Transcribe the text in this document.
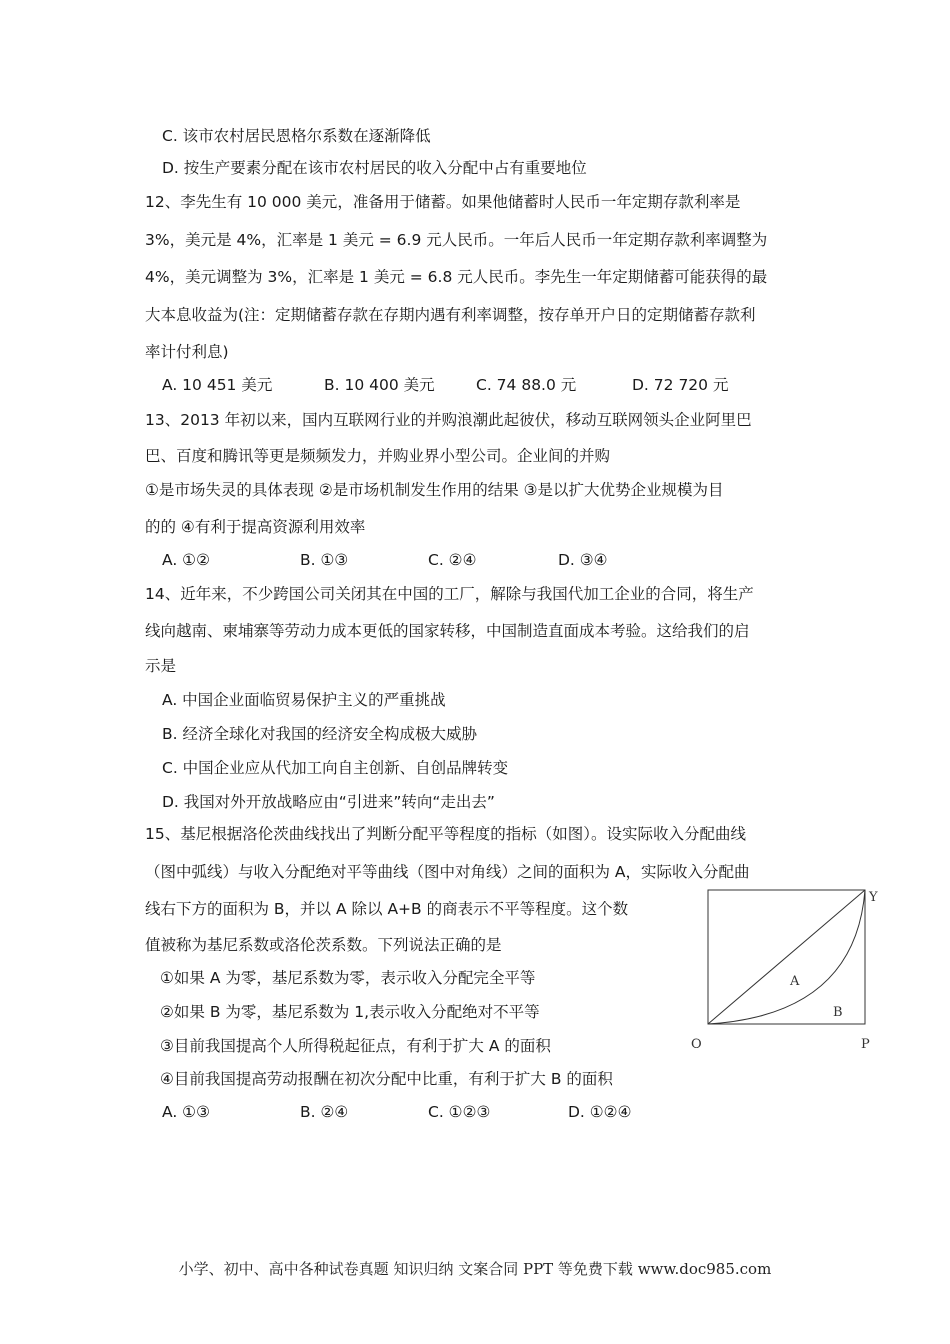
C. 该市农村居民恩格尔系数在逐渐降低
D. 按生产要素分配在该市农村居民的收入分配中占有重要地位
12、李先生有 10 000 美元，准备用于储蓄。如果他储蓄时人民币一年定期存款利率是
3%，美元是 4%，汇率是 1 美元 = 6.9 元人民币。一年后人民币一年定期存款利率调整为
4%，美元调整为 3%，汇率是 1 美元 = 6.8 元人民币。李先生一年定期储蓄可能获得的最
大本息收益为(注：定期储蓄存款在存期内遇有利率调整，按存单开户日的定期储蓄存款利
率计付利息)
A. 10 451 美元	B. 10 400 美元	C. 74 88.0 元	D. 72 720 元
13、2013 年初以来，国内互联网行业的并购浪潮此起彼伏，移动互联网领头企业阿里巴
巴、百度和腾讯等更是频频发力，并购业界小型公司。企业间的并购
①是市场失灵的具体表现 ②是市场机制发生作用的结果 ③是以扩大优势企业规模为目
的的 ④有利于提高资源利用效率
A. ①②	B. ①③	C. ②④	D. ③④
14、近年来，不少跨国公司关闭其在中国的工厂，解除与我国代加工企业的合同，将生产
线向越南、柬埔寨等劳动力成本更低的国家转移，中国制造直面成本考验。这给我们的启
示是
A. 中国企业面临贸易保护主义的严重挑战
B. 经济全球化对我国的经济安全构成极大威胁
C. 中国企业应从代加工向自主创新、自创品牌转变
D. 我国对外开放战略应由“引进来”转向“走出去”
15、基尼根据洛伦茨曲线找出了判断分配平等程度的指标（如图）。设实际收入分配曲线
（图中弧线）与收入分配绝对平等曲线（图中对角线）之间的面积为 A，实际收入分配曲
线右下方的面积为 B，并以 A 除以 A+B 的商表示不平等程度。这个数
值被称为基尼系数或洛伦茨系数。下列说法正确的是
①如果 A 为零，基尼系数为零，表示收入分配完全平等
②如果 B 为零，基尼系数为 1,表示收入分配绝对不平等
③目前我国提高个人所得税起征点，有利于扩大 A 的面积
④目前我国提高劳动报酬在初次分配中比重，有利于扩大 B 的面积
A. ①③	B. ②④	C. ①②③	D. ①②④
Y
A
B
O	P
小学、初中、高中各种试卷真题 知识归纳 文案合同 PPT 等免费下载 www.doc985.com
